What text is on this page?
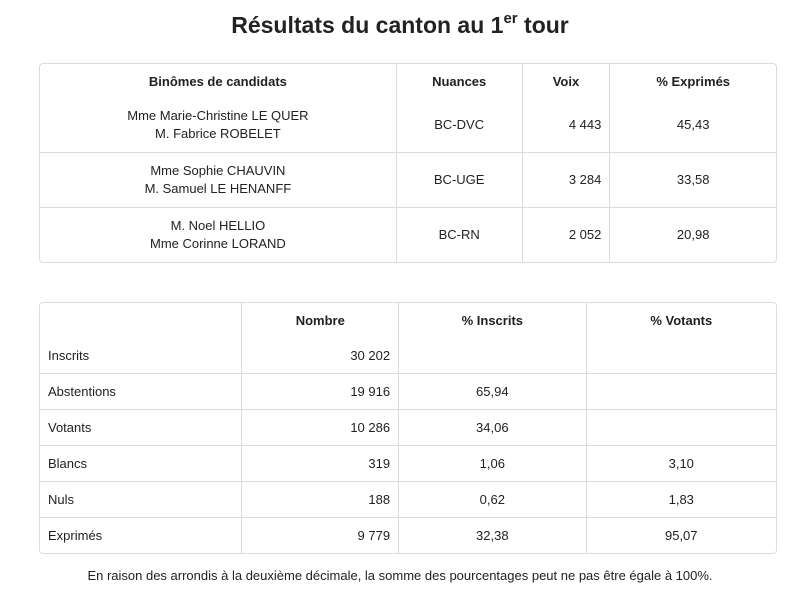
Résultats du canton au 1er tour
Binômes de candidats	Nuances	Voix	% Exprimés
Mme Marie-Christine LE QUER
M. Fabrice ROBELET	BC-DVC	4 443	45,43
Mme Sophie CHAUVIN
M. Samuel LE HENANFF	BC-UGE	3 284	33,58
M. Noel HELLIO
Mme Corinne LORAND	BC-RN	2 052	20,98
	Nombre	% Inscrits	% Votants
Inscrits	30 202		
Abstentions	19 916	65,94	
Votants	10 286	34,06	
Blancs	319	1,06	3,10
Nuls	188	0,62	1,83
Exprimés	9 779	32,38	95,07
En raison des arrondis à la deuxième décimale, la somme des pourcentages peut ne pas être égale à 100%.
